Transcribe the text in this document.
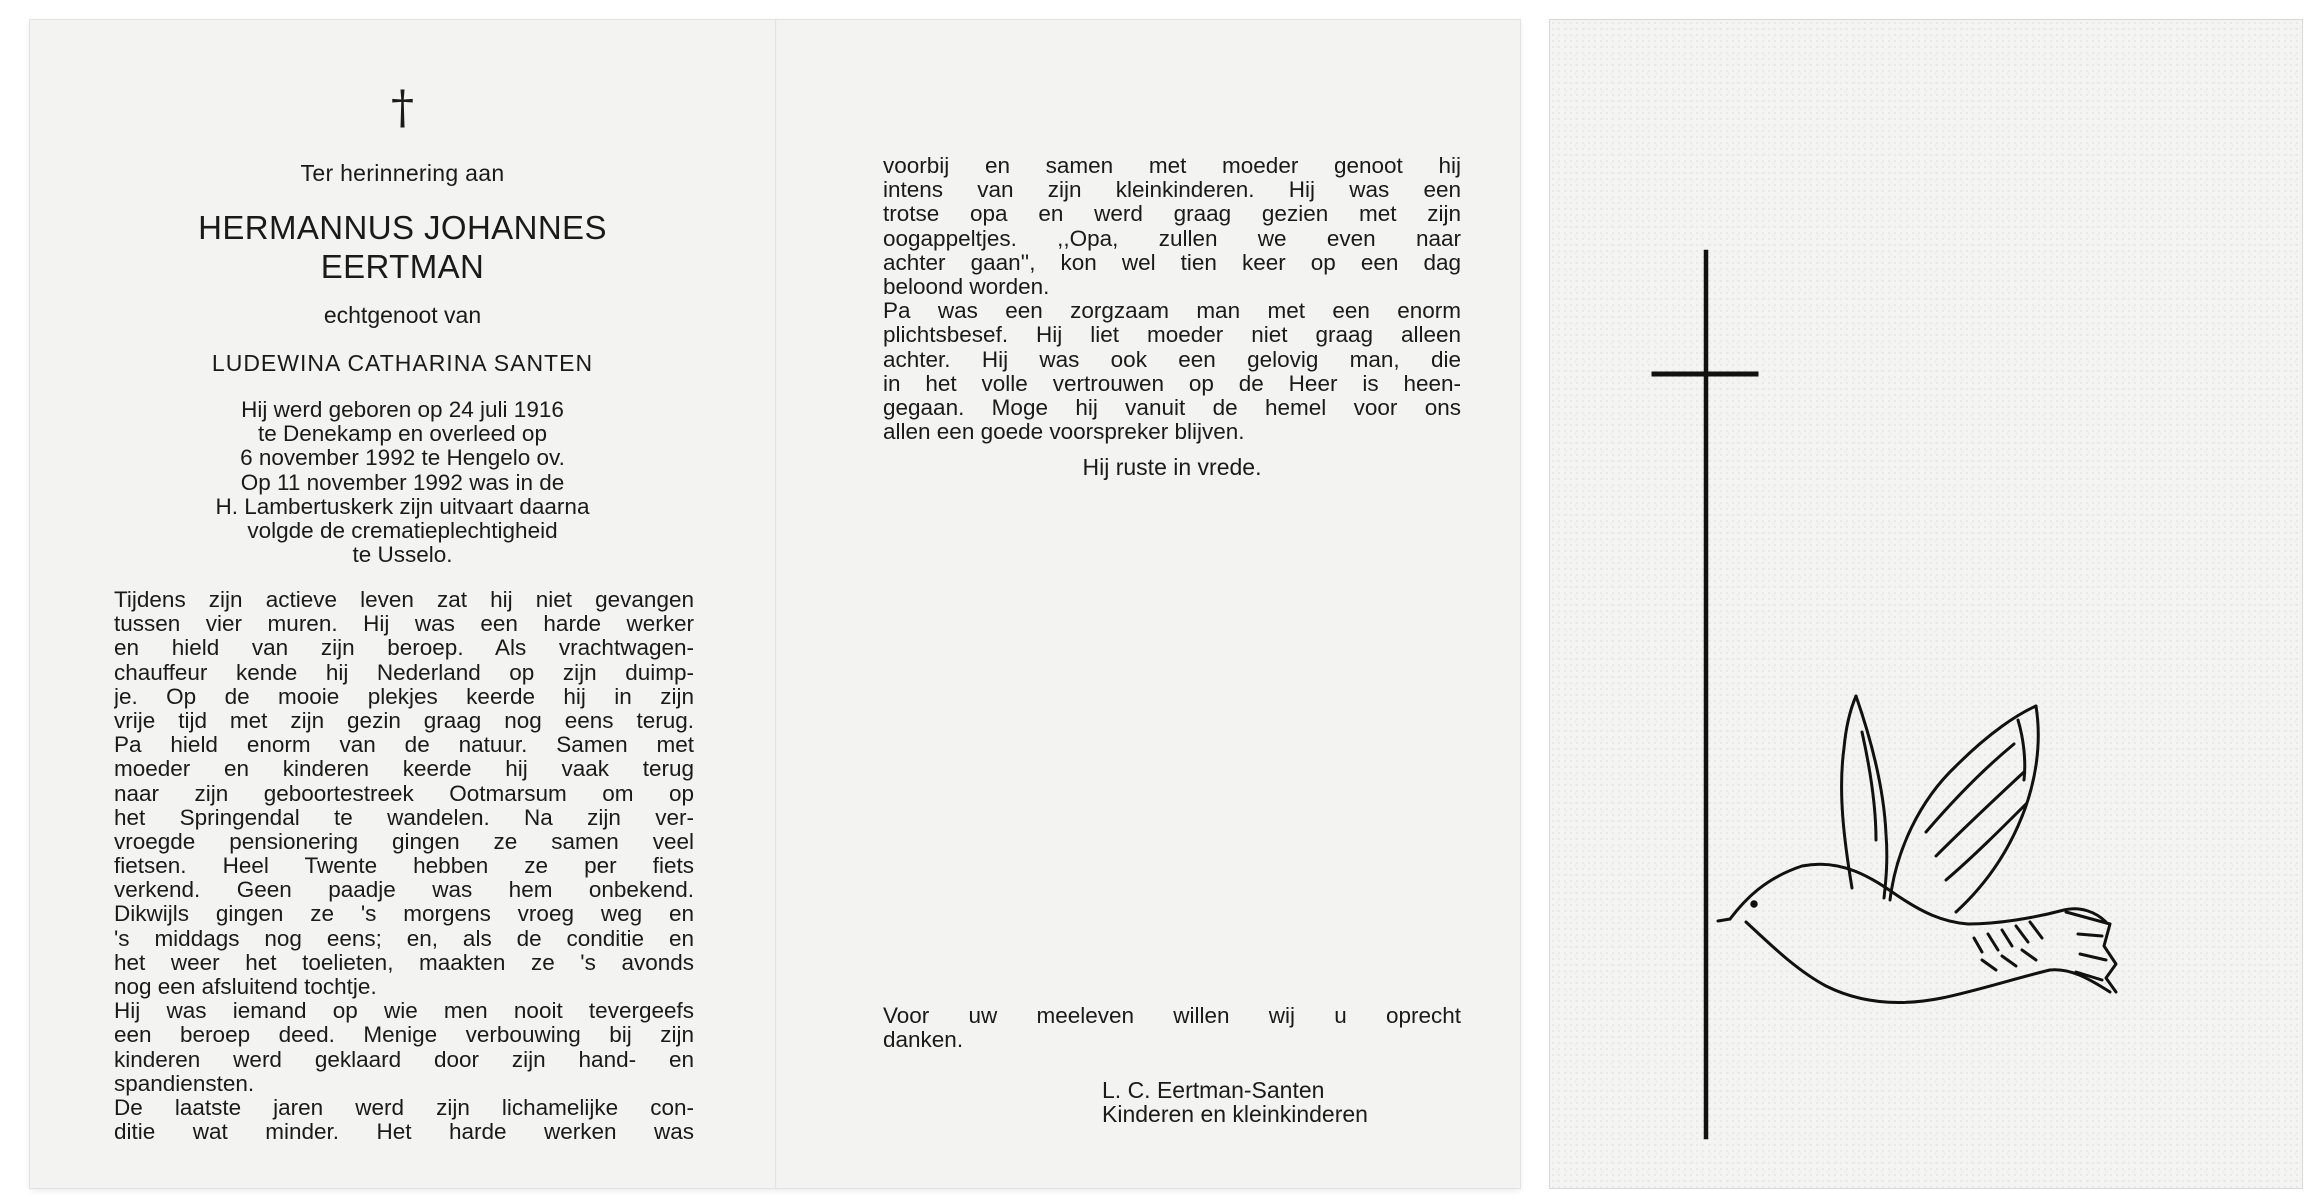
†
Ter herinnering aan
HERMANNUS JOHANNES
EERTMAN
echtgenoot van
LUDEWINA CATHARINA SANTEN
Hij werd geboren op 24 juli 1916
te Denekamp en overleed op
6 november 1992 te Hengelo ov.
Op 11 november 1992 was in de
H. Lambertuskerk zijn uitvaart daarna
volgde de crematieplechtigheid
te Usselo.
Tijdens zijn actieve leven zat hij niet gevangen
tussen vier muren. Hij was een harde werker
en hield van zijn beroep. Als vrachtwagen-
chauffeur kende hij Nederland op zijn duimp-
je. Op de mooie plekjes keerde hij in zijn
vrije tijd met zijn gezin graag nog eens terug.
Pa hield enorm van de natuur. Samen met
moeder en kinderen keerde hij vaak terug
naar zijn geboortestreek Ootmarsum om op
het Springendal te wandelen. Na zijn ver-
vroegde pensionering gingen ze samen veel
fietsen. Heel Twente hebben ze per fiets
verkend. Geen paadje was hem onbekend.
Dikwijls gingen ze 's morgens vroeg weg en
's middags nog eens; en, als de conditie en
het weer het toelieten, maakten ze 's avonds
nog een afsluitend tochtje.
Hij was iemand op wie men nooit tevergeefs
een beroep deed. Menige verbouwing bij zijn
kinderen werd geklaard door zijn hand- en
spandiensten.
De laatste jaren werd zijn lichamelijke con-
ditie wat minder. Het harde werken was
voorbij en samen met moeder genoot hij
intens van zijn kleinkinderen. Hij was een
trotse opa en werd graag gezien met zijn
oogappeltjes. ,,Opa, zullen we even naar
achter gaan'', kon wel tien keer op een dag
beloond worden.
Pa was een zorgzaam man met een enorm
plichtsbesef. Hij liet moeder niet graag alleen
achter. Hij was ook een gelovig man, die
in het volle vertrouwen op de Heer is heen-
gegaan. Moge hij vanuit de hemel voor ons
allen een goede voorspreker blijven.
Hij ruste in vrede.
Voor uw meeleven willen wij u oprecht
danken.
L. C. Eertman-Santen
Kinderen en kleinkinderen
